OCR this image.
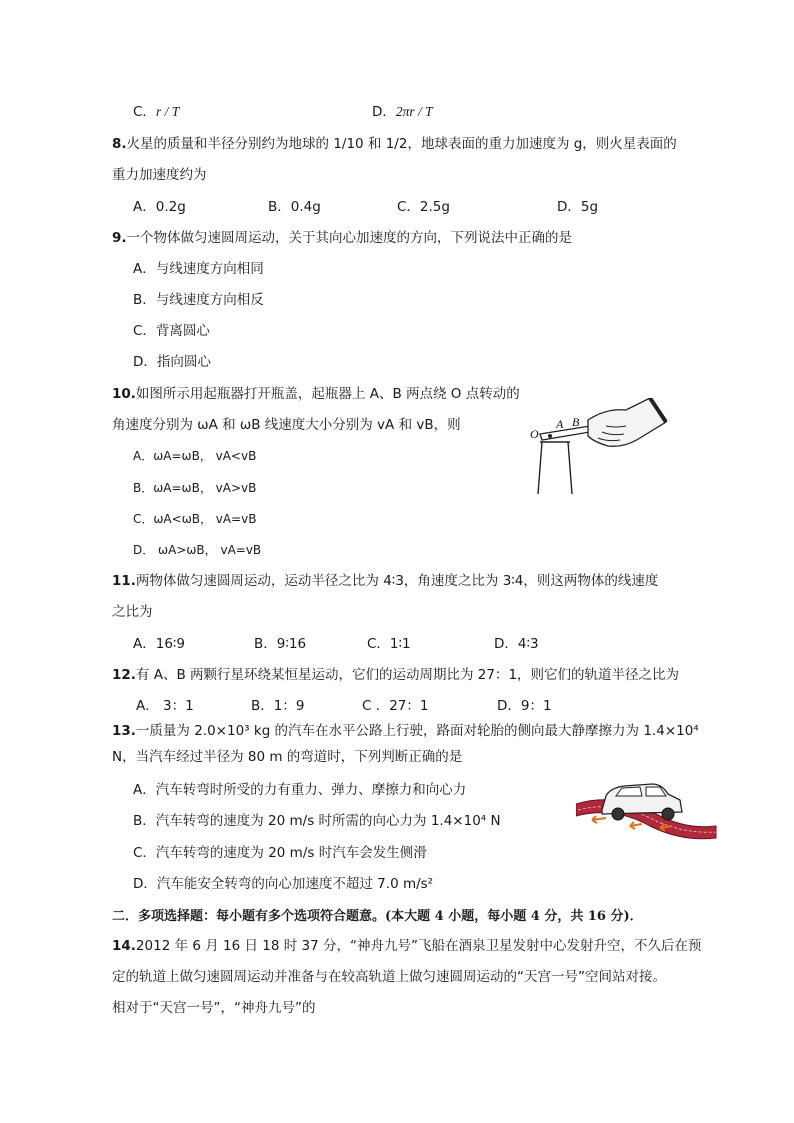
C．r / T	D．2πr / T
8.火星的质量和半径分别约为地球的 1/10 和 1/2，地球表面的重力加速度为 g，则火星表面的
重力加速度约为
A．0.2g	B．0.4g	C．2.5g	D．5g
9.一个物体做匀速圆周运动，关于其向心加速度的方向，下列说法中正确的是
A．与线速度方向相同
B．与线速度方向相反
C．背离圆心
D．指向圆心
10.如图所示用起瓶器打开瓶盖，起瓶器上 A、B 两点绕 O 点转动的
角速度分别为 ωA 和 ωB 线速度大小分别为 vA 和 vB，则
A．ωA=ωB， vA<vB
B．ωA=ωB， vA>vB
C．ωA<ωB， vA=vB
D． ωA>ωB， vA=vB
O
A B
11.两物体做匀速圆周运动，运动半径之比为 4∶3，角速度之比为 3∶4，则这两物体的线速度
之比为
A．16∶9	B．9∶16	C．1∶1	D．4∶3
12.有 A、B 两颗行星环绕某恒星运动，它们的运动周期比为 27：1，则它们的轨道半径之比为
A． 3：1	B．1：9	C ．27：1	D．9：1
13.一质量为 2.0×10³ kg 的汽车在水平公路上行驶，路面对轮胎的侧向最大静摩擦力为 1.4×10⁴
N，当汽车经过半径为 80 m 的弯道时，下列判断正确的是
A．汽车转弯时所受的力有重力、弹力、摩擦力和向心力
B．汽车转弯的速度为 20 m/s 时所需的向心力为 1.4×10⁴ N
C．汽车转弯的速度为 20 m/s 时汽车会发生侧滑
D．汽车能安全转弯的向心加速度不超过 7.0 m/s²
二．多项选择题：每小题有多个选项符合题意。(本大题 4 小题，每小题 4 分，共 16 分)．
14.2012 年 6 月 16 日 18 时 37 分，“神舟九号”飞船在酒泉卫星发射中心发射升空，不久后在预
定的轨道上做匀速圆周运动并准备与在较高轨道上做匀速圆周运动的“天宫一号”空间站对接。
相对于“天宫一号”，“神舟九号”的
